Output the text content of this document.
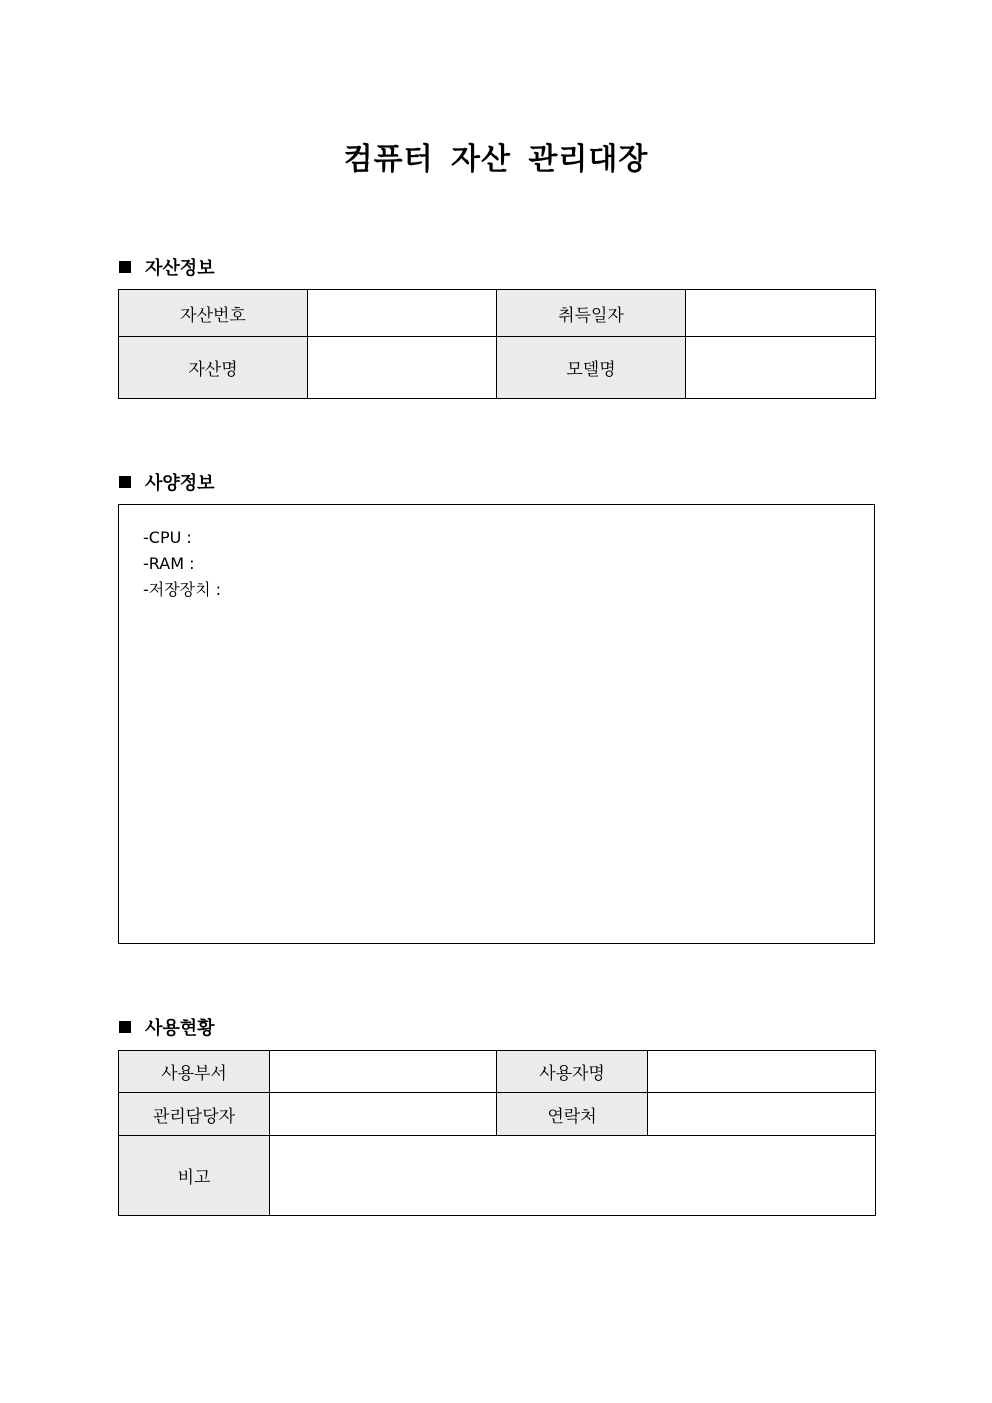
컴퓨터 자산 관리대장
자산정보
자산번호		취득일자	
자산명		모델명	
사양정보
-CPU :
-RAM :
-저장장치 :
사용현황
사용부서		사용자명	
관리담당자		연락처	
비고			
